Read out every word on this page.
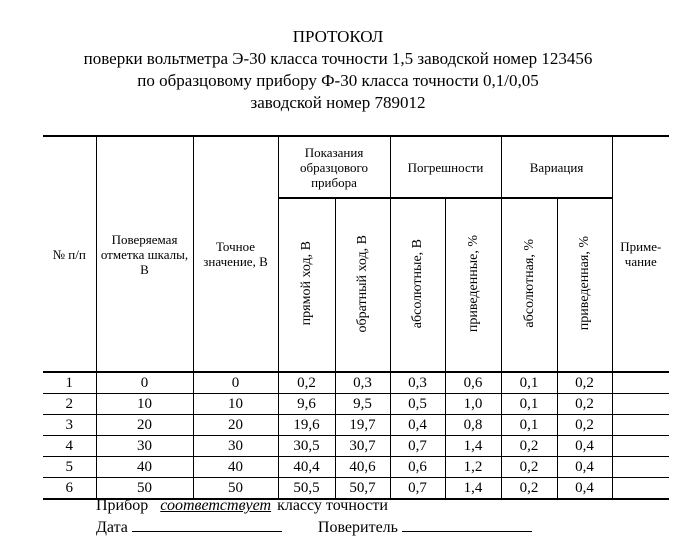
ПРОТОКОЛ
поверки вольтметра Э-30 класса точности 1,5 заводской номер 123456
по образцовому прибору Ф-30 класса точности 0,1/0,05
заводской номер 789012
№ п/п	Поверяемая отметка шкалы, В	Точное значение, В	Показания образцового прибора		Погрешности		Вариация		Приме-чание
			прямой ход, В	обратный ход, В	абсолютные, В	приведенные, %	абсолютная, %	приведенная, %	
1	0	0	0,2	0,3	0,3	0,6	0,1	0,2	
2	10	10	9,6	9,5	0,5	1,0	0,1	0,2	
3	20	20	19,6	19,7	0,4	0,8	0,1	0,2	
4	30	30	30,5	30,7	0,7	1,4	0,2	0,4	
5	40	40	40,4	40,6	0,6	1,2	0,2	0,4	
6	50	50	50,5	50,7	0,7	1,4	0,2	0,4	
Прибор соответствует классу точности
Дата	Поверитель
